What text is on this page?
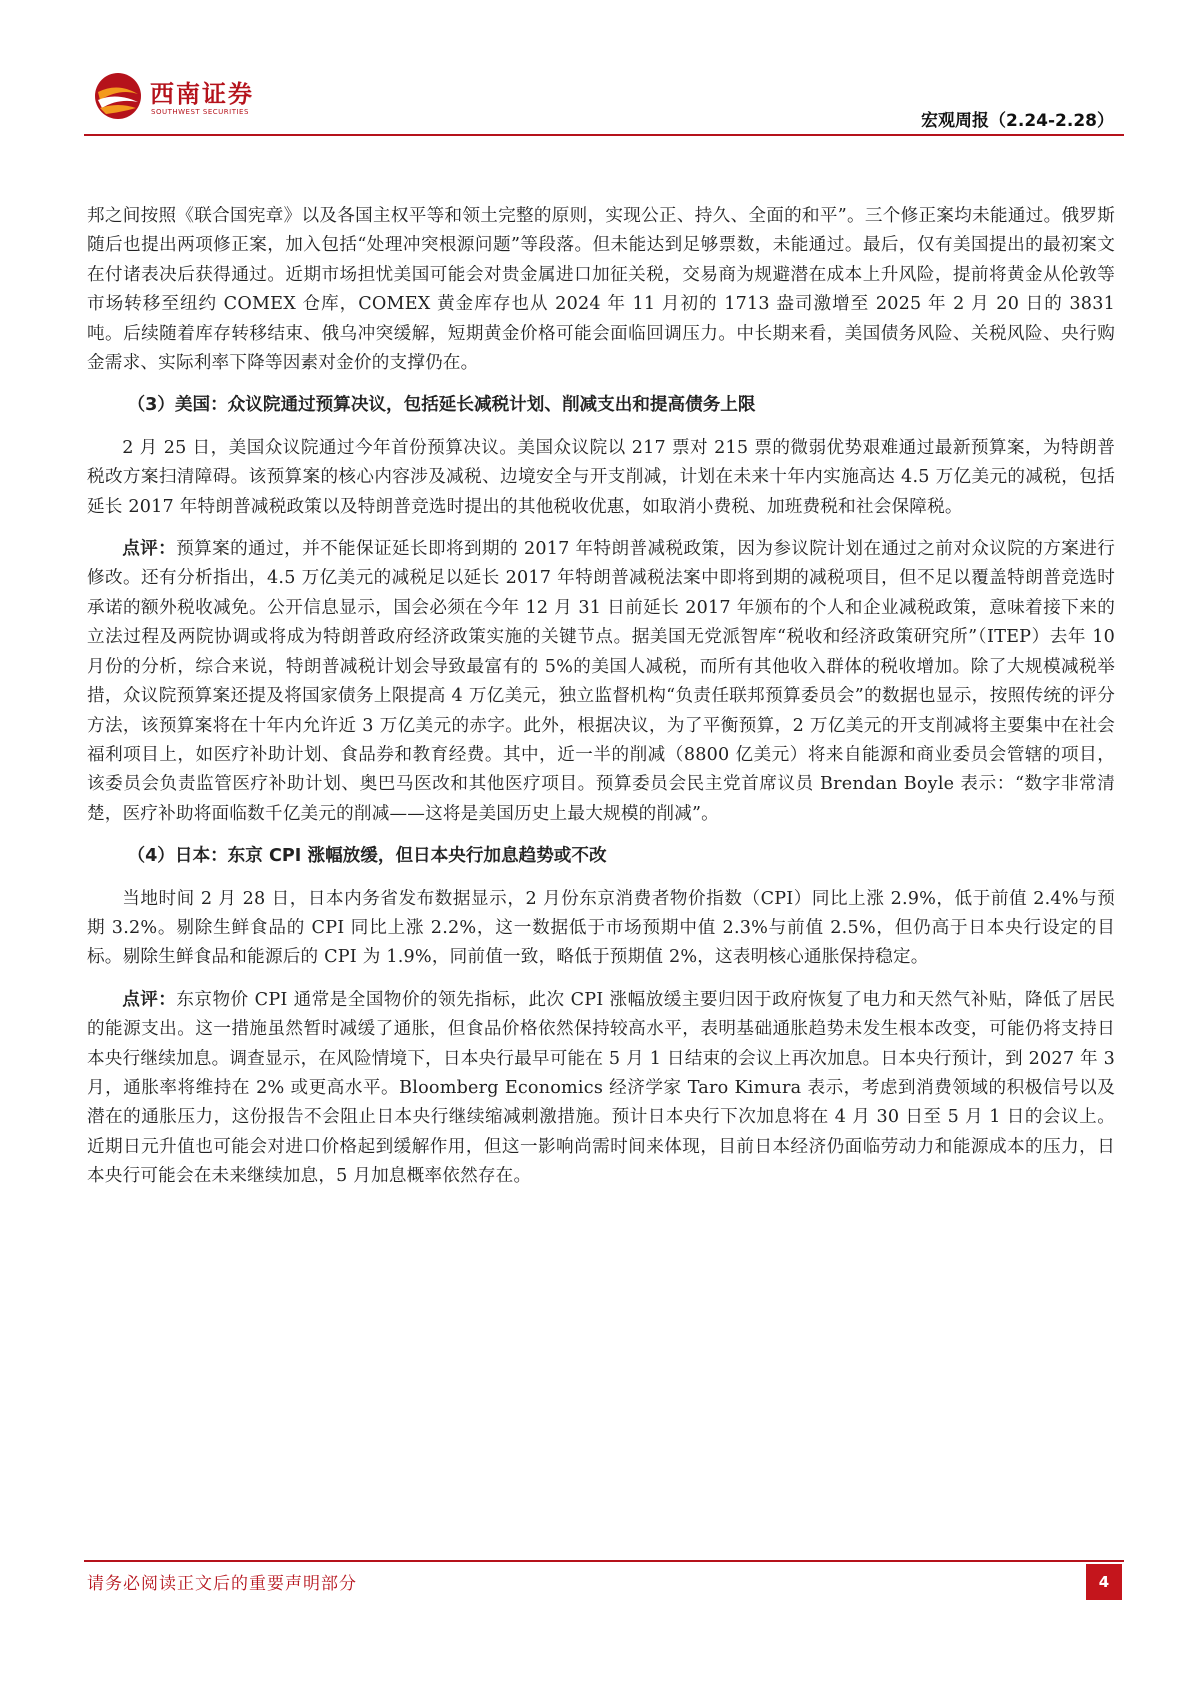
西南证券
SOUTHWEST SECURITIES	宏观周报（2.24-2.28）

邦之间按照《联合国宪章》以及各国主权平等和领土完整的原则，实现公正、持久、全面的和平”。三个修正案均未能通过。俄罗斯随后也提出两项修正案，加入包括“处理冲突根源问题”等段落。但未能达到足够票数，未能通过。最后，仅有美国提出的最初案文在付诸表决后获得通过。近期市场担忧美国可能会对贵金属进口加征关税，交易商为规避潜在成本上升风险，提前将黄金从伦敦等市场转移至纽约 COMEX 仓库，COMEX 黄金库存也从 2024 年 11 月初的 1713 盎司激增至 2025 年 2 月 20 日的 3831 吨。后续随着库存转移结束、俄乌冲突缓解，短期黄金价格可能会面临回调压力。中长期来看，美国债务风险、关税风险、央行购金需求、实际利率下降等因素对金价的支撑仍在。

（3）美国：众议院通过预算决议，包括延长减税计划、削减支出和提高债务上限

2 月 25 日，美国众议院通过今年首份预算决议。美国众议院以 217 票对 215 票的微弱优势艰难通过最新预算案，为特朗普税改方案扫清障碍。该预算案的核心内容涉及减税、边境安全与开支削减，计划在未来十年内实施高达 4.5 万亿美元的减税，包括延长 2017 年特朗普减税政策以及特朗普竞选时提出的其他税收优惠，如取消小费税、加班费税和社会保障税。

点评：预算案的通过，并不能保证延长即将到期的 2017 年特朗普减税政策，因为参议院计划在通过之前对众议院的方案进行修改。还有分析指出，4.5 万亿美元的减税足以延长 2017 年特朗普减税法案中即将到期的减税项目，但不足以覆盖特朗普竞选时承诺的额外税收减免。公开信息显示，国会必须在今年 12 月 31 日前延长 2017 年颁布的个人和企业减税政策，意味着接下来的立法过程及两院协调或将成为特朗普政府经济政策实施的关键节点。据美国无党派智库“税收和经济政策研究所”（ITEP）去年 10 月份的分析，综合来说，特朗普减税计划会导致最富有的 5%的美国人减税，而所有其他收入群体的税收增加。除了大规模减税举措，众议院预算案还提及将国家债务上限提高 4 万亿美元，独立监督机构“负责任联邦预算委员会”的数据也显示，按照传统的评分方法，该预算案将在十年内允许近 3 万亿美元的赤字。此外，根据决议，为了平衡预算，2 万亿美元的开支削减将主要集中在社会福利项目上，如医疗补助计划、食品券和教育经费。其中，近一半的削减（8800 亿美元）将来自能源和商业委员会管辖的项目，该委员会负责监管医疗补助计划、奥巴马医改和其他医疗项目。预算委员会民主党首席议员 Brendan Boyle 表示：“数字非常清楚，医疗补助将面临数千亿美元的削减——这将是美国历史上最大规模的削减”。

（4）日本：东京 CPI 涨幅放缓，但日本央行加息趋势或不改

当地时间 2 月 28 日，日本内务省发布数据显示，2 月份东京消费者物价指数（CPI）同比上涨 2.9%，低于前值 2.4%与预期 3.2%。剔除生鲜食品的 CPI 同比上涨 2.2%，这一数据低于市场预期中值 2.3%与前值 2.5%，但仍高于日本央行设定的目标。剔除生鲜食品和能源后的 CPI 为 1.9%，同前值一致，略低于预期值 2%，这表明核心通胀保持稳定。

点评：东京物价 CPI 通常是全国物价的领先指标，此次 CPI 涨幅放缓主要归因于政府恢复了电力和天然气补贴，降低了居民的能源支出。这一措施虽然暂时减缓了通胀，但食品价格依然保持较高水平，表明基础通胀趋势未发生根本改变，可能仍将支持日本央行继续加息。调查显示，在风险情境下，日本央行最早可能在 5 月 1 日结束的会议上再次加息。日本央行预计，到 2027 年 3 月，通胀率将维持在 2% 或更高水平。Bloomberg Economics 经济学家 Taro Kimura 表示，考虑到消费领域的积极信号以及潜在的通胀压力，这份报告不会阻止日本央行继续缩减刺激措施。预计日本央行下次加息将在 4 月 30 日至 5 月 1 日的会议上。近期日元升值也可能会对进口价格起到缓解作用，但这一影响尚需时间来体现，目前日本经济仍面临劳动力和能源成本的压力，日本央行可能会在未来继续加息，5 月加息概率依然存在。

请务必阅读正文后的重要声明部分	4
